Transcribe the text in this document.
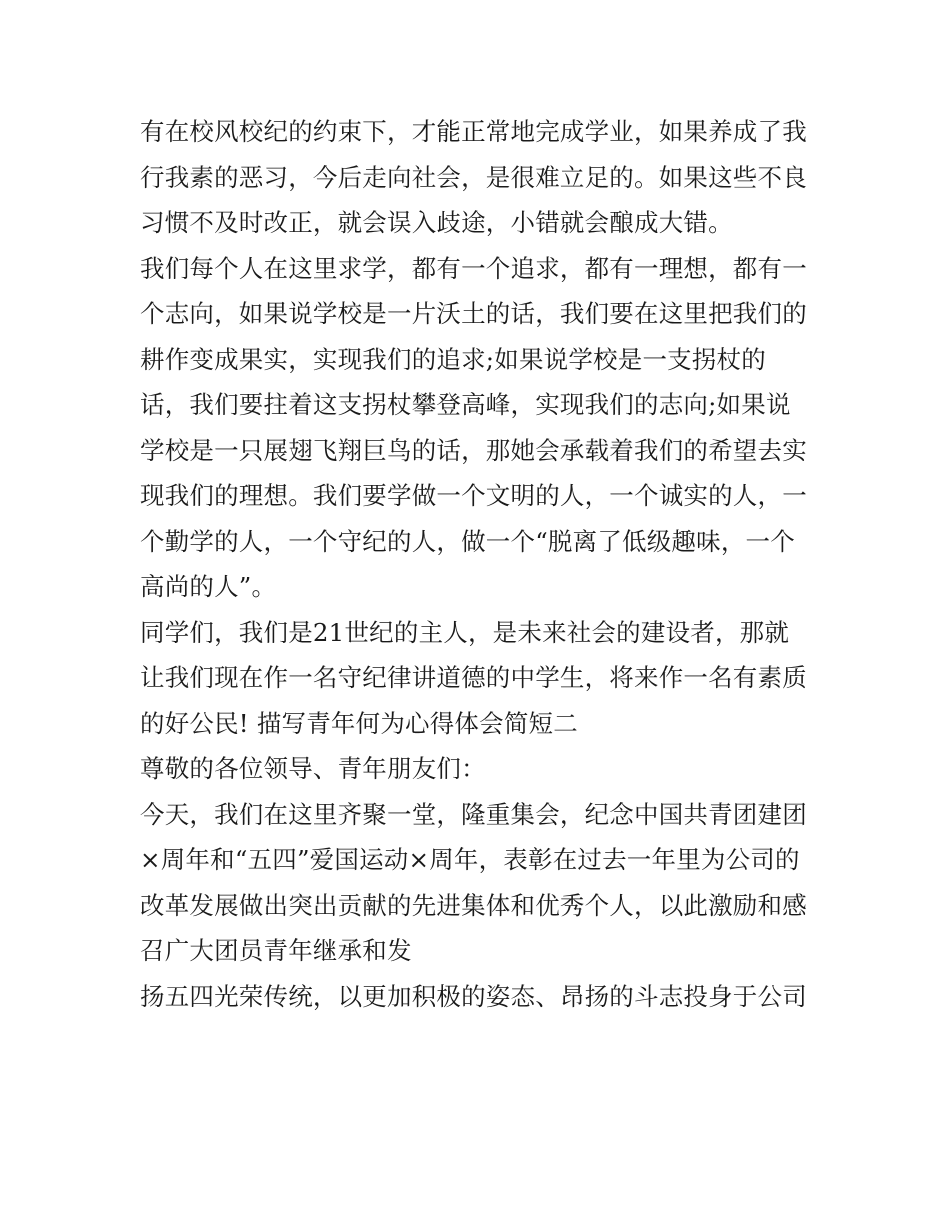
有在校风校纪的约束下，才能正常地完成学业，如果养成了我
行我素的恶习，今后走向社会，是很难立足的。如果这些不良
习惯不及时改正，就会误入歧途，小错就会酿成大错。
我们每个人在这里求学，都有一个追求，都有一理想，都有一
个志向，如果说学校是一片沃土的话，我们要在这里把我们的
耕作变成果实，实现我们的追求;如果说学校是一支拐杖的
话，我们要拄着这支拐杖攀登高峰，实现我们的志向;如果说
学校是一只展翅飞翔巨鸟的话，那她会承载着我们的希望去实
现我们的理想。我们要学做一个文明的人，一个诚实的人，一
个勤学的人，一个守纪的人，做一个“脱离了低级趣味，一个
高尚的人”。
同学们，我们是21世纪的主人，是未来社会的建设者，那就
让我们现在作一名守纪律讲道德的中学生，将来作一名有素质
的好公民! 描写青年何为心得体会简短二
尊敬的各位领导、青年朋友们：
今天，我们在这里齐聚一堂，隆重集会，纪念中国共青团建团
×周年和“五四”爱国运动×周年，表彰在过去一年里为公司的
改革发展做出突出贡献的先进集体和优秀个人，以此激励和感
召广大团员青年继承和发
扬五四光荣传统，以更加积极的姿态、昂扬的斗志投身于公司
